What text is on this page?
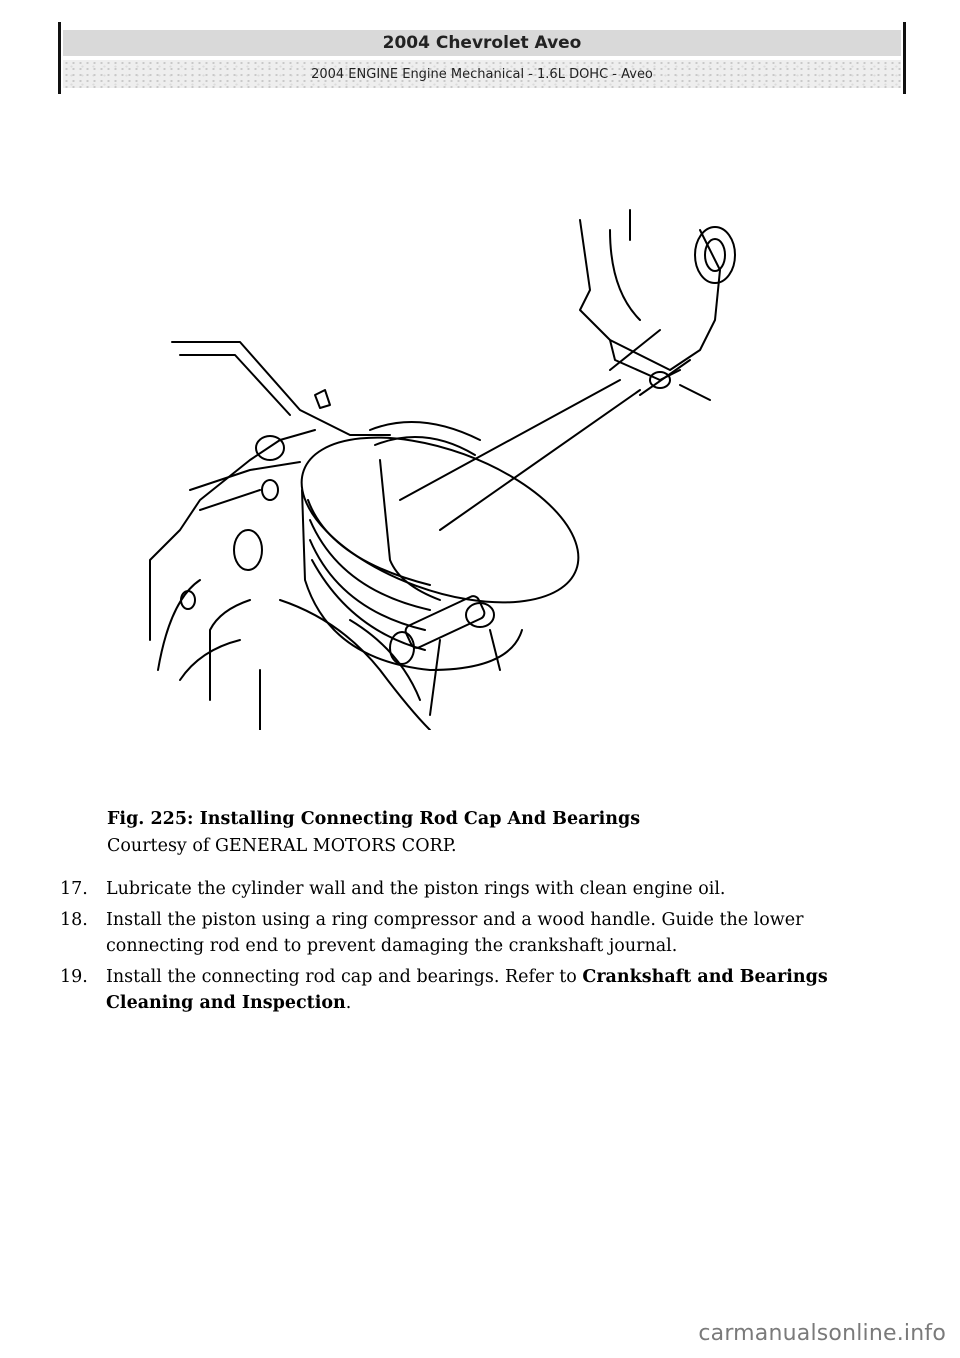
2004 Chevrolet Aveo
2004 ENGINE Engine Mechanical - 1.6L DOHC - Aveo
Fig. 225: Installing Connecting Rod Cap And Bearings
Courtesy of GENERAL MOTORS CORP.
17.	Lubricate the cylinder wall and the piston rings with clean engine oil.
18.	Install the piston using a ring compressor and a wood handle. Guide the lower connecting rod end to prevent damaging the crankshaft journal.
19.	Install the connecting rod cap and bearings. Refer to Crankshaft and Bearings Cleaning and Inspection.
carmanualsonline.info
